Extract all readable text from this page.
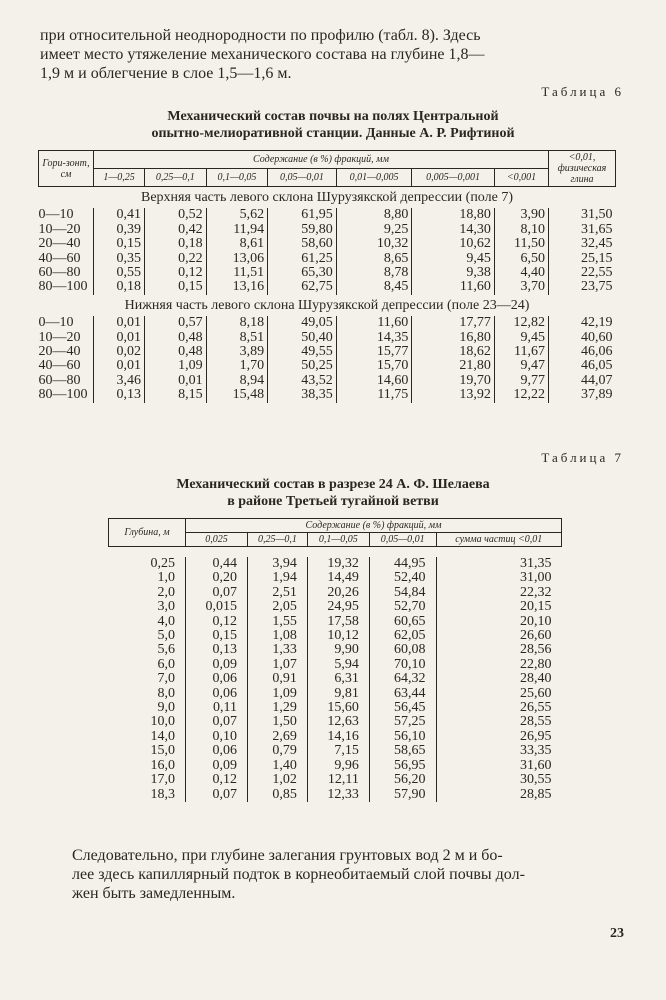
при относительной неоднородности по профилю (табл. 8). Здесь
имеет место утяжеление механического состава на глубине 1,8—
1,9 м и облегчение в слое 1,5—1,6 м.
Таблица 6
Механический состав почвы на полях Центральной
опытно-мелиоративной станции. Данные А. Р. Рифтиной
Гори-зонт, см	Содержание (в %) фракций, мм							<0,01, физическая глина
	1—0,25	0,25—0,1	0,1—0,05	0,05—0,01	0,01—0,005	0,005—0,001	<0,001	
Верхняя часть левого склона Шурузякской депрессии (поле 7)								
0—10	0,41	0,52	5,62	61,95	8,80	18,80	3,90	31,50
10—20	0,39	0,42	11,94	59,80	9,25	14,30	8,10	31,65
20—40	0,15	0,18	8,61	58,60	10,32	10,62	11,50	32,45
40—60	0,35	0,22	13,06	61,25	8,65	9,45	6,50	25,15
60—80	0,55	0,12	11,51	65,30	8,78	9,38	4,40	22,55
80—100	0,18	0,15	13,16	62,75	8,45	11,60	3,70	23,75
Нижняя часть левого склона Шурузякской депрессии (поле 23—24)								
0—10	0,01	0,57	8,18	49,05	11,60	17,77	12,82	42,19
10—20	0,01	0,48	8,51	50,40	14,35	16,80	9,45	40,60
20—40	0,02	0,48	3,89	49,55	15,77	18,62	11,67	46,06
40—60	0,01	1,09	1,70	50,25	15,70	21,80	9,47	46,05
60—80	3,46	0,01	8,94	43,52	14,60	19,70	9,77	44,07
80—100	0,13	8,15	15,48	38,35	11,75	13,92	12,22	37,89
Таблица 7
Механический состав в разрезе 24 А. Ф. Шелаева
в районе Третьей тугайной ветви
Глубина, м	Содержание (в %) фракций, мм				
	0,025	0,25—0,1	0,1—0,05	0,05—0,01	сумма частиц <0,01

0,25	0,44	3,94	19,32	44,95	31,35
1,0	0,20	1,94	14,49	52,40	31,00
2,0	0,07	2,51	20,26	54,84	22,32
3,0	0,015	2,05	24,95	52,70	20,15
4,0	0,12	1,55	17,58	60,65	20,10
5,0	0,15	1,08	10,12	62,05	26,60
5,6	0,13	1,33	9,90	60,08	28,56
6,0	0,09	1,07	5,94	70,10	22,80
7,0	0,06	0,91	6,31	64,32	28,40
8,0	0,06	1,09	9,81	63,44	25,60
9,0	0,11	1,29	15,60	56,45	26,55
10,0	0,07	1,50	12,63	57,25	28,55
14,0	0,10	2,69	14,16	56,10	26,95
15,0	0,06	0,79	7,15	58,65	33,35
16,0	0,09	1,40	9,96	56,95	31,60
17,0	0,12	1,02	12,11	56,20	30,55
18,3	0,07	0,85	12,33	57,90	28,85
Следовательно, при глубине залегания грунтовых вод 2 м и бо-
лее здесь капиллярный подток в корнеобитаемый слой почвы дол-
жен быть замедленным.
23
